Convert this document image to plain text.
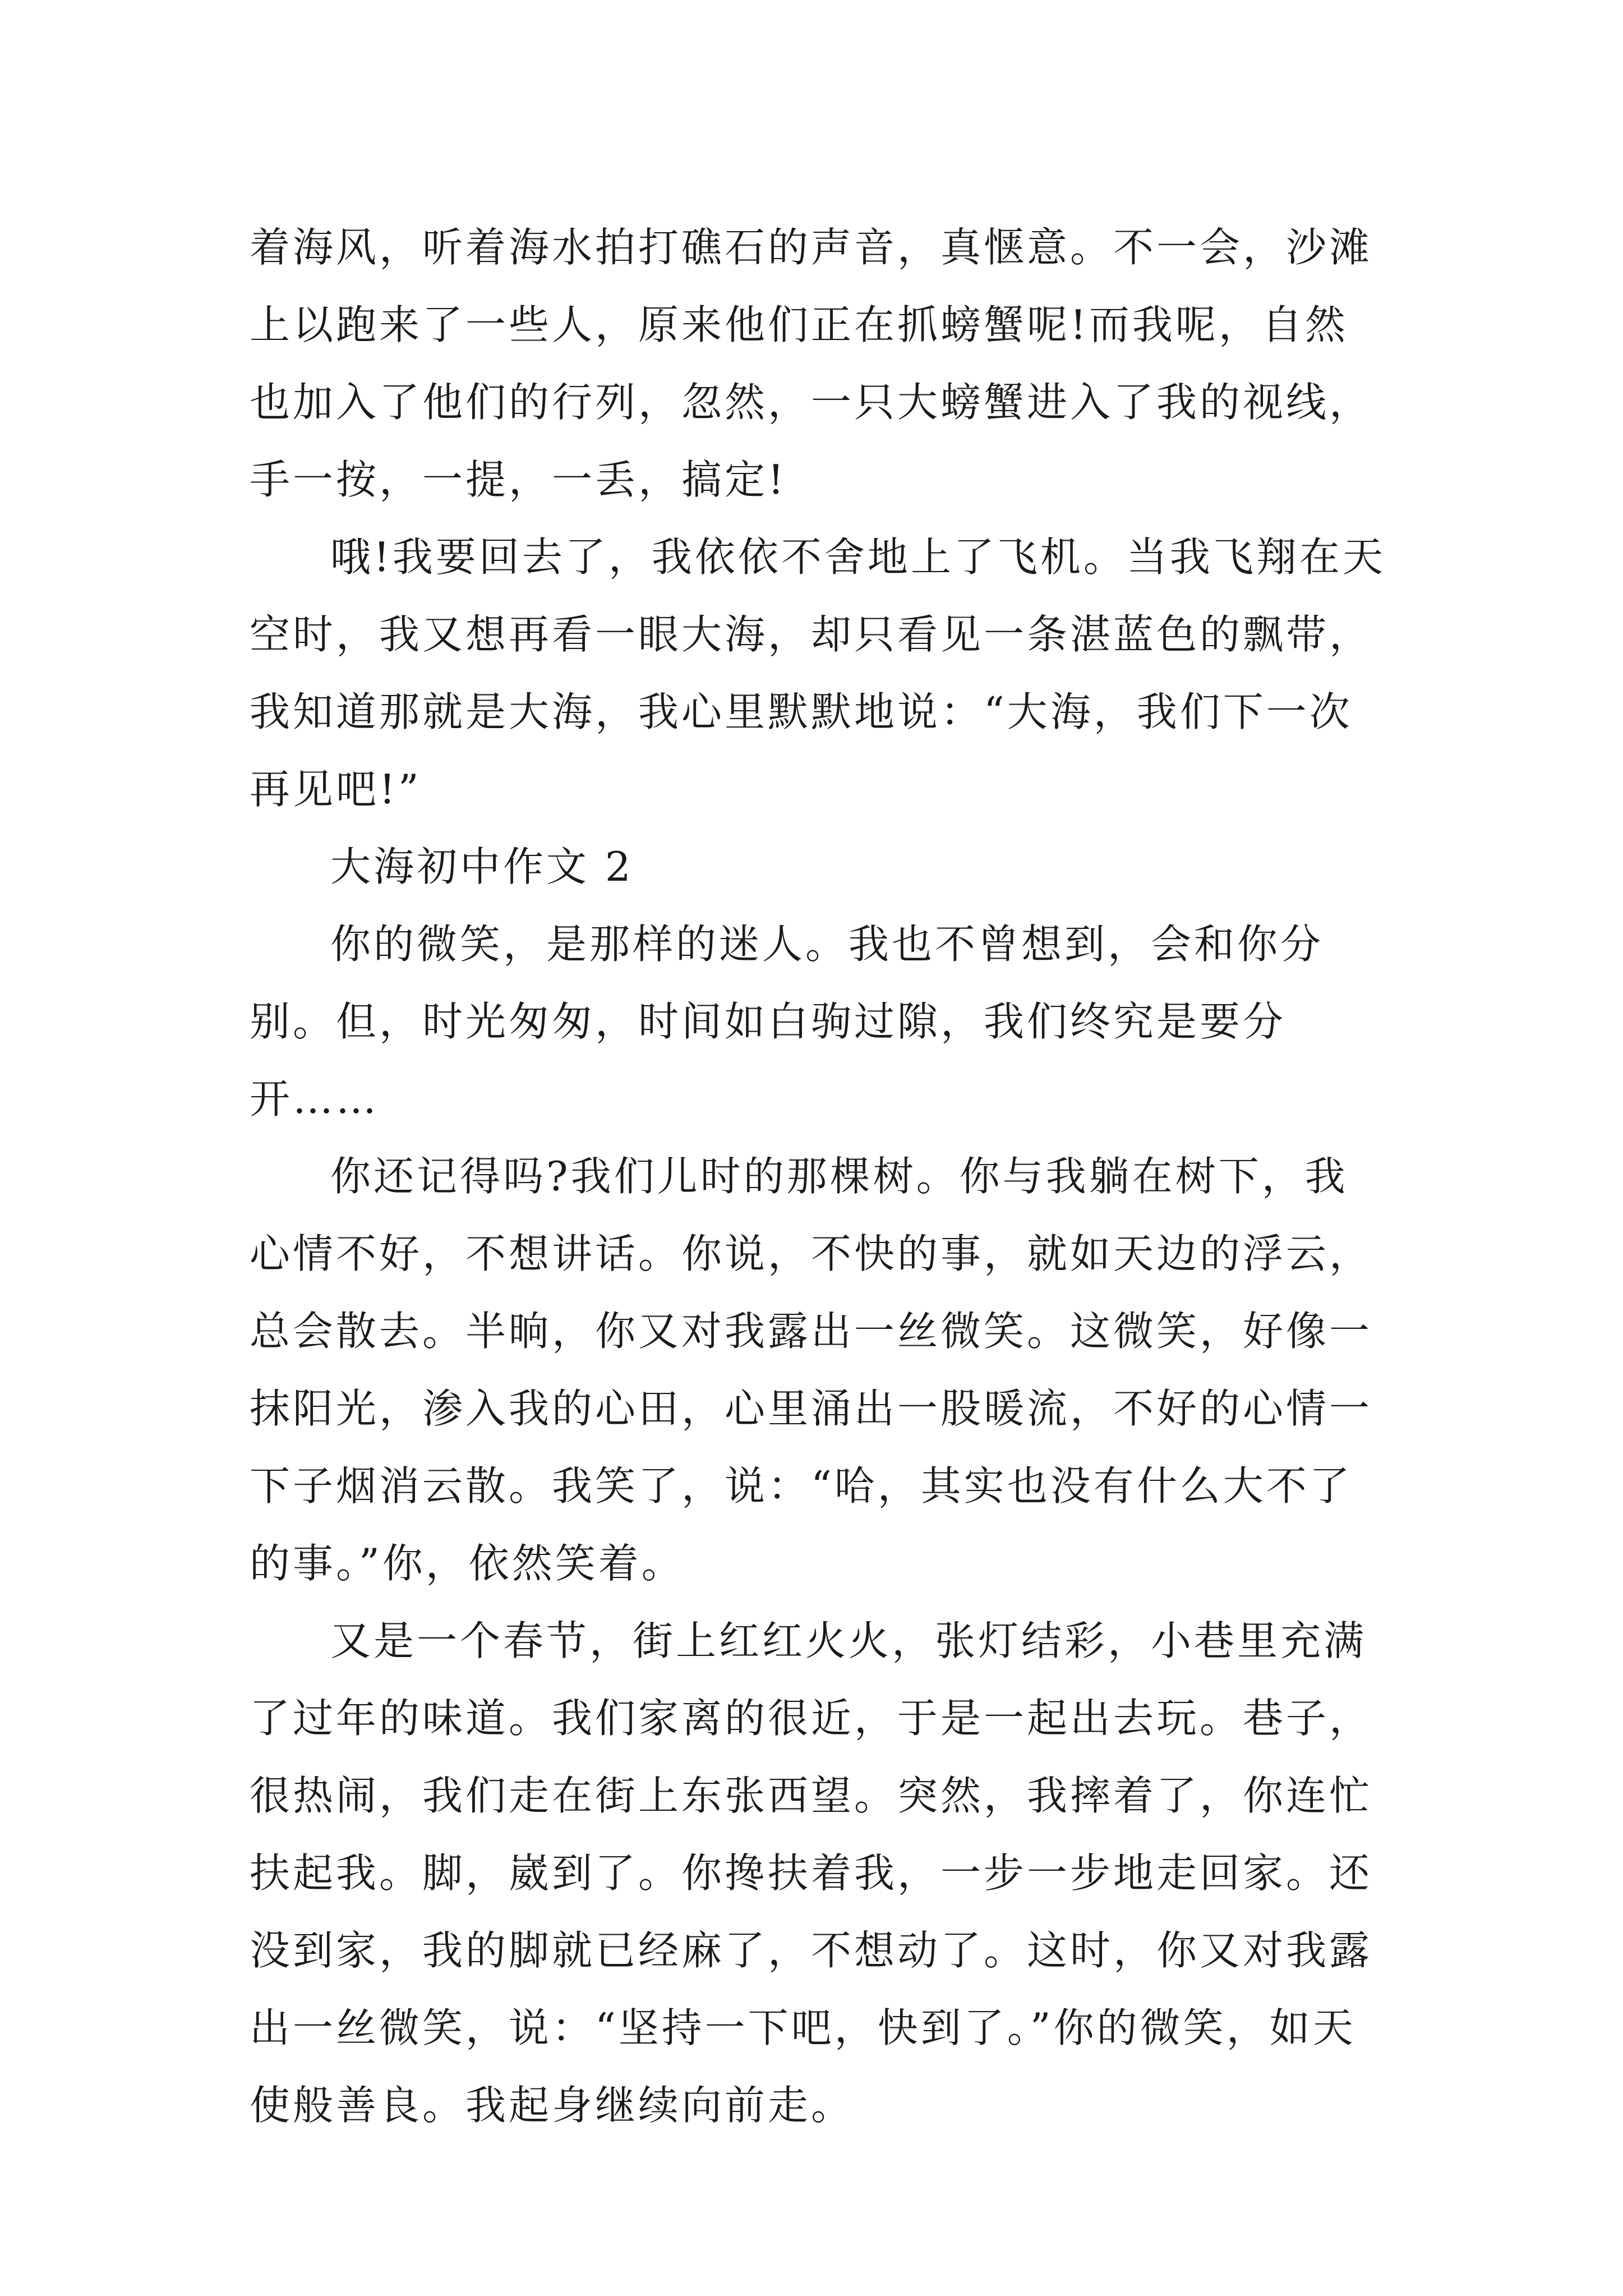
着海风，听着海水拍打礁石的声音，真惬意。不一会，沙滩上以跑来了一些人，原来他们正在抓螃蟹呢!而我呢，自然也加入了他们的行列，忽然，一只大螃蟹进入了我的视线，手一按，一提，一丢，搞定!

哦!我要回去了，我依依不舍地上了飞机。当我飞翔在天空时，我又想再看一眼大海，却只看见一条湛蓝色的飘带，我知道那就是大海，我心里默默地说：“大海，我们下一次再见吧!”

大海初中作文 2

你的微笑，是那样的迷人。我也不曾想到，会和你分别。但，时光匆匆，时间如白驹过隙，我们终究是要分开……

你还记得吗?我们儿时的那棵树。你与我躺在树下，我心情不好，不想讲话。你说，不快的事，就如天边的浮云，总会散去。半晌，你又对我露出一丝微笑。这微笑，好像一抹阳光，渗入我的心田，心里涌出一股暖流，不好的心情一下子烟消云散。我笑了，说：“哈，其实也没有什么大不了的事。”你，依然笑着。

又是一个春节，街上红红火火，张灯结彩，小巷里充满了过年的味道。我们家离的很近，于是一起出去玩。巷子，很热闹，我们走在街上东张西望。突然，我摔着了，你连忙扶起我。脚，崴到了。你搀扶着我，一步一步地走回家。还没到家，我的脚就已经麻了，不想动了。这时，你又对我露出一丝微笑，说：“坚持一下吧，快到了。”你的微笑，如天使般善良。我起身继续向前走。
